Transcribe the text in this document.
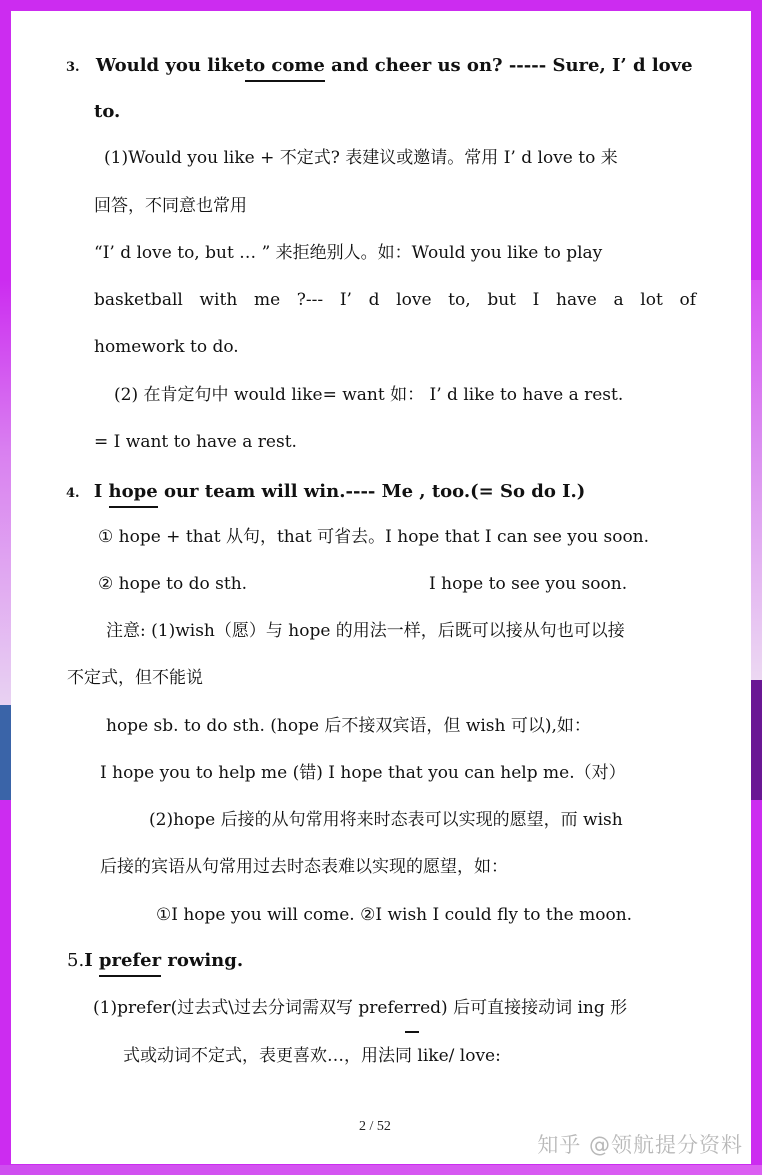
3. Would you liketo come and cheer us on? ----- Sure, I’ d love
to.
(1)Would you like + 不定式? 表建议或邀请。常用 I’ d love to 来
回答，不同意也常用
“I’ d love to, but … ” 来拒绝别人。如：Would you like to play
basketball with me ?--- I’ d love to, but I have a lot of
homework to do.
(2) 在肯定句中 would like= want 如： I’ d like to have a rest.
= I want to have a rest.
4. I hope our team will win.---- Me , too.(= So do I.)
① hope + that 从句，that 可省去。I hope that I can see you soon.
② hope to do sth.	I hope to see you soon.
注意: (1)wish（愿）与 hope 的用法一样，后既可以接从句也可以接
不定式，但不能说
hope sb. to do sth. (hope 后不接双宾语，但 wish 可以),如：
I hope you to help me (错) I hope that you can help me.（对）
(2)hope 后接的从句常用将来时态表可以实现的愿望，而 wish
后接的宾语从句常用过去时态表难以实现的愿望，如：
①I hope you will come. ②I wish I could fly to the moon.
5.I prefer rowing.
(1)prefer(过去式\过去分词需双写 preferred) 后可直接接动词 ing 形
式或动词不定式，表更喜欢…，用法同 like/ love:
2 / 52
知乎 @领航提分资料
